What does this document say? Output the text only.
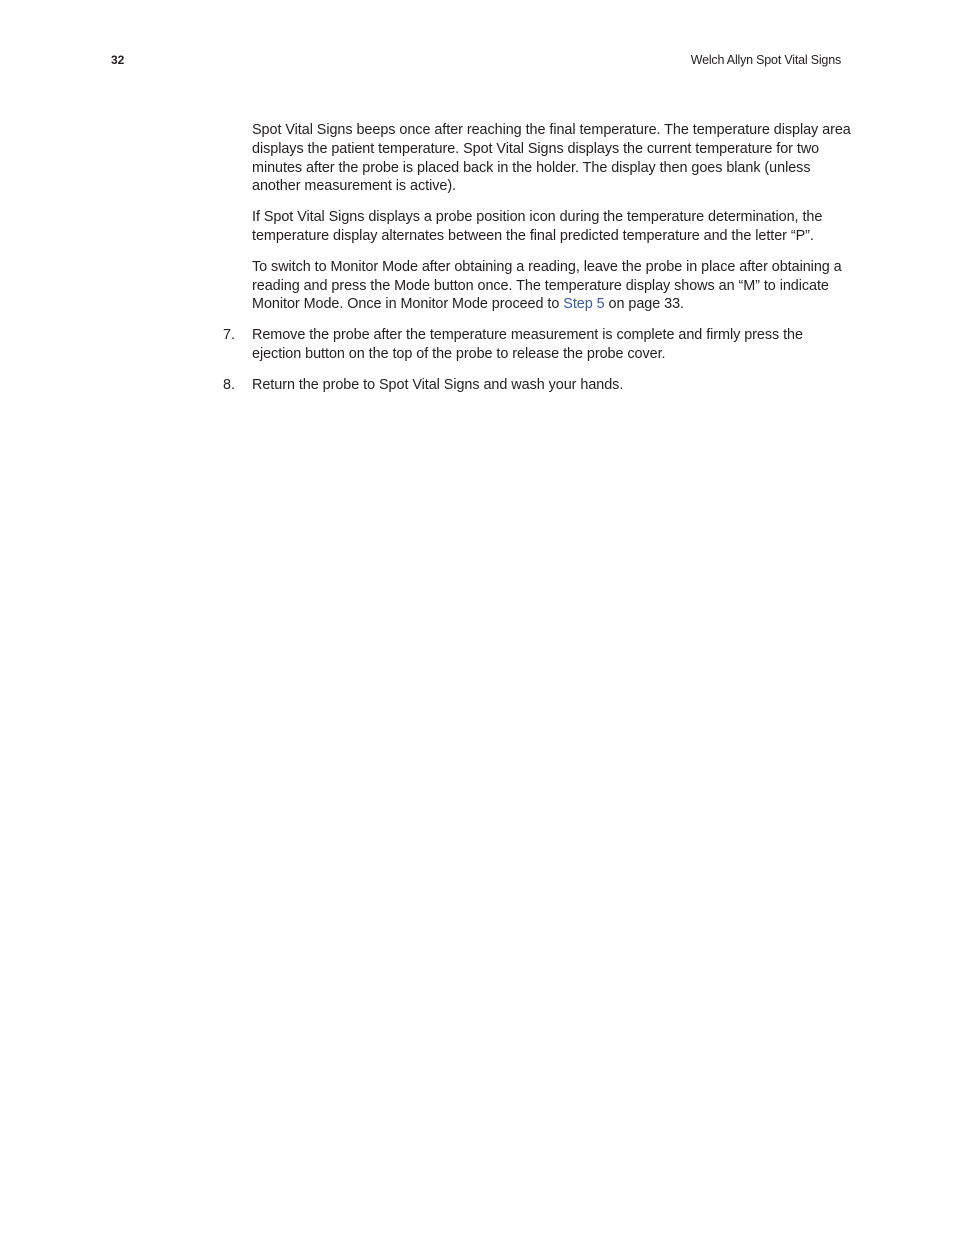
32	Welch Allyn Spot Vital Signs

Spot Vital Signs beeps once after reaching the final temperature. The temperature display area displays the patient temperature. Spot Vital Signs displays the current temperature for two minutes after the probe is placed back in the holder. The display then goes blank (unless another measurement is active).

If Spot Vital Signs displays a probe position icon during the temperature determination, the temperature display alternates between the final predicted temperature and the letter “P”.

To switch to Monitor Mode after obtaining a reading, leave the probe in place after obtaining a reading and press the Mode button once. The temperature display shows an “M” to indicate Monitor Mode. Once in Monitor Mode proceed to Step 5 on page 33.

7. Remove the probe after the temperature measurement is complete and firmly press the ejection button on the top of the probe to release the probe cover.
8. Return the probe to Spot Vital Signs and wash your hands.
